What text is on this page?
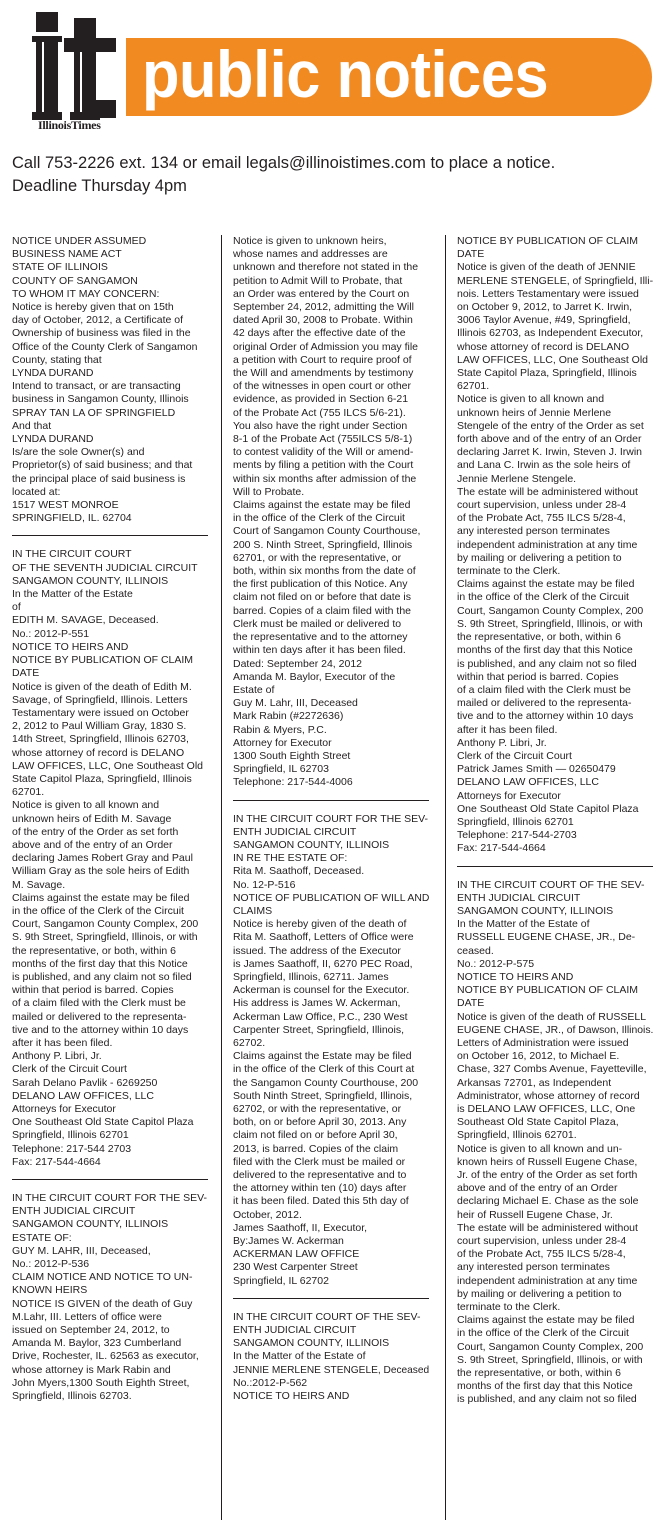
public notices
IllinoisTimes
Call 753-2226 ext. 134 or email legals@illinoistimes.com to place a notice.
Deadline Thursday 4pm
NOTICE UNDER ASSUMED
BUSINESS NAME ACT
STATE OF ILLINOIS
COUNTY OF SANGAMON
TO WHOM IT MAY CONCERN:
Notice is hereby given that on 15th
day of October, 2012, a Certificate of
Ownership of business was filed in the
Office of the County Clerk of Sangamon
County, stating that
LYNDA DURAND
Intend to transact, or are transacting
business in Sangamon County, Illinois
SPRAY TAN LA OF SPRINGFIELD
And that
LYNDA DURAND
Is/are the sole Owner(s) and
Proprietor(s) of said business; and that
the principal place of said business is
located at:
1517 WEST MONROE
SPRINGFIELD, IL. 62704
IN THE CIRCUIT COURT
OF THE SEVENTH JUDICIAL CIRCUIT
SANGAMON COUNTY, ILLINOIS
In the Matter of the Estate
of
EDITH M. SAVAGE, Deceased.
No.: 2012-P-551
NOTICE TO HEIRS AND
NOTICE BY PUBLICATION OF CLAIM
DATE
Notice is given of the death of Edith M.
Savage, of Springfield, Illinois. Letters
Testamentary were issued on October
2, 2012 to Paul William Gray, 1830 S.
14th Street, Springfield, Illinois 62703,
whose attorney of record is DELANO
LAW OFFICES, LLC, One Southeast Old
State Capitol Plaza, Springfield, Illinois
62701.
Notice is given to all known and
unknown heirs of Edith M. Savage
of the entry of the Order as set forth
above and of the entry of an Order
declaring James Robert Gray and Paul
William Gray as the sole heirs of Edith
M. Savage.
Claims against the estate may be filed
in the office of the Clerk of the Circuit
Court, Sangamon County Complex, 200
S. 9th Street, Springfield, Illinois, or with
the representative, or both, within 6
months of the first day that this Notice
is published, and any claim not so filed
within that period is barred. Copies
of a claim filed with the Clerk must be
mailed or delivered to the representa-
tive and to the attorney within 10 days
after it has been filed.
Anthony P. Libri, Jr.
Clerk of the Circuit Court
Sarah Delano Pavlik - 6269250
DELANO LAW OFFICES, LLC
Attorneys for Executor
One Southeast Old State Capitol Plaza
Springfield, Illinois 62701
Telephone: 217-544 2703
Fax: 217-544-4664
IN THE CIRCUIT COURT FOR THE SEV-
ENTH JUDICIAL CIRCUIT
SANGAMON COUNTY, ILLINOIS
ESTATE OF:
GUY M. LAHR, III, Deceased,
No.: 2012-P-536
CLAIM NOTICE AND NOTICE TO UN-
KNOWN HEIRS
NOTICE IS GIVEN of the death of Guy
M.Lahr, III. Letters of office were
issued on September 24, 2012, to
Amanda M. Baylor, 323 Cumberland
Drive, Rochester, IL. 62563 as executor,
whose attorney is Mark Rabin and
John Myers,1300 South Eighth Street,
Springfield, Illinois 62703.
Notice is given to unknown heirs,
whose names and addresses are
unknown and therefore not stated in the
petition to Admit Will to Probate, that
an Order was entered by the Court on
September 24, 2012, admitting the Will
dated April 30, 2008 to Probate. Within
42 days after the effective date of the
original Order of Admission you may file
a petition with Court to require proof of
the Will and amendments by testimony
of the witnesses in open court or other
evidence, as provided in Section 6-21
of the Probate Act (755 ILCS 5/6-21).
You also have the right under Section
8-1 of the Probate Act (755ILCS 5/8-1)
to contest validity of the Will or amend-
ments by filing a petition with the Court
within six months after admission of the
Will to Probate.
Claims against the estate may be filed
in the office of the Clerk of the Circuit
Court of Sangamon County Courthouse,
200 S. Ninth Street, Springfield, Illinois
62701, or with the representative, or
both, within six months from the date of
the first publication of this Notice. Any
claim not filed on or before that date is
barred. Copies of a claim filed with the
Clerk must be mailed or delivered to
the representative and to the attorney
within ten days after it has been filed.
Dated: September 24, 2012
Amanda M. Baylor, Executor of the
Estate of
Guy M. Lahr, III, Deceased
Mark Rabin (#2272636)
Rabin & Myers, P.C.
Attorney for Executor
1300 South Eighth Street
Springfield, IL 62703
Telephone: 217-544-4006
IN THE CIRCUIT COURT FOR THE SEV-
ENTH JUDICIAL CIRCUIT
SANGAMON COUNTY, ILLINOIS
IN RE THE ESTATE OF:
Rita M. Saathoff, Deceased.
No. 12-P-516
NOTICE OF PUBLICATION OF WILL AND
CLAIMS
Notice is hereby given of the death of
Rita M. Saathoff, Letters of Office were
issued. The address of the Executor
is James Saathoff, II, 6270 PEC Road,
Springfield, Illinois, 62711. James
Ackerman is counsel for the Executor.
His address is James W. Ackerman,
Ackerman Law Office, P.C., 230 West
Carpenter Street, Springfield, Illinois,
62702.
Claims against the Estate may be filed
in the office of the Clerk of this Court at
the Sangamon County Courthouse, 200
South Ninth Street, Springfield, Illinois,
62702, or with the representative, or
both, on or before April 30, 2013. Any
claim not filed on or before April 30,
2013, is barred. Copies of the claim
filed with the Clerk must be mailed or
delivered to the representative and to
the attorney within ten (10) days after
it has been filed. Dated this 5th day of
October, 2012.
James Saathoff, II, Executor,
By:James W. Ackerman
ACKERMAN LAW OFFICE
230 West Carpenter Street
Springfield, IL 62702
IN THE CIRCUIT COURT OF THE SEV-
ENTH JUDICIAL CIRCUIT
SANGAMON COUNTY, ILLINOIS
In the Matter of the Estate of
JENNIE MERLENE STENGELE, Deceased
No.:2012-P-562
NOTICE TO HEIRS AND
NOTICE BY PUBLICATION OF CLAIM
DATE
Notice is given of the death of JENNIE
MERLENE STENGELE, of Springfield, Illi-
nois. Letters Testamentary were issued
on October 9, 2012, to Jarret K. Irwin,
3006 Taylor Avenue, #49, Springfield,
Illinois 62703, as Independent Executor,
whose attorney of record is DELANO
LAW OFFICES, LLC, One Southeast Old
State Capitol Plaza, Springfield, Illinois
62701.
Notice is given to all known and
unknown heirs of Jennie Merlene
Stengele of the entry of the Order as set
forth above and of the entry of an Order
declaring Jarret K. Irwin, Steven J. Irwin
and Lana C. Irwin as the sole heirs of
Jennie Merlene Stengele.
The estate will be administered without
court supervision, unless under 28-4
of the Probate Act, 755 ILCS 5/28-4,
any interested person terminates
independent administration at any time
by mailing or delivering a petition to
terminate to the Clerk.
Claims against the estate may be filed
in the office of the Clerk of the Circuit
Court, Sangamon County Complex, 200
S. 9th Street, Springfield, Illinois, or with
the representative, or both, within 6
months of the first day that this Notice
is published, and any claim not so filed
within that period is barred. Copies
of a claim filed with the Clerk must be
mailed or delivered to the representa-
tive and to the attorney within 10 days
after it has been filed.
Anthony P. Libri, Jr.
Clerk of the Circuit Court
Patrick James Smith — 02650479
DELANO LAW OFFICES, LLC
Attorneys for Executor
One Southeast Old State Capitol Plaza
Springfield, Illinois 62701
Telephone: 217-544-2703
Fax: 217-544-4664
IN THE CIRCUIT COURT OF THE SEV-
ENTH JUDICIAL CIRCUIT
SANGAMON COUNTY, ILLINOIS
In the Matter of the Estate of
RUSSELL EUGENE CHASE, JR., De-
ceased.
No.: 2012-P-575
NOTICE TO HEIRS AND
NOTICE BY PUBLICATION OF CLAIM
DATE
Notice is given of the death of RUSSELL
EUGENE CHASE, JR., of Dawson, Illinois.
Letters of Administration were issued
on October 16, 2012, to Michael E.
Chase, 327 Combs Avenue, Fayetteville,
Arkansas 72701, as Independent
Administrator, whose attorney of record
is DELANO LAW OFFICES, LLC, One
Southeast Old State Capitol Plaza,
Springfield, Illinois 62701.
Notice is given to all known and un-
known heirs of Russell Eugene Chase,
Jr. of the entry of the Order as set forth
above and of the entry of an Order
declaring Michael E. Chase as the sole
heir of Russell Eugene Chase, Jr.
The estate will be administered without
court supervision, unless under 28-4
of the Probate Act, 755 ILCS 5/28-4,
any interested person terminates
independent administration at any time
by mailing or delivering a petition to
terminate to the Clerk.
Claims against the estate may be filed
in the office of the Clerk of the Circuit
Court, Sangamon County Complex, 200
S. 9th Street, Springfield, Illinois, or with
the representative, or both, within 6
months of the first day that this Notice
is published, and any claim not so filed
